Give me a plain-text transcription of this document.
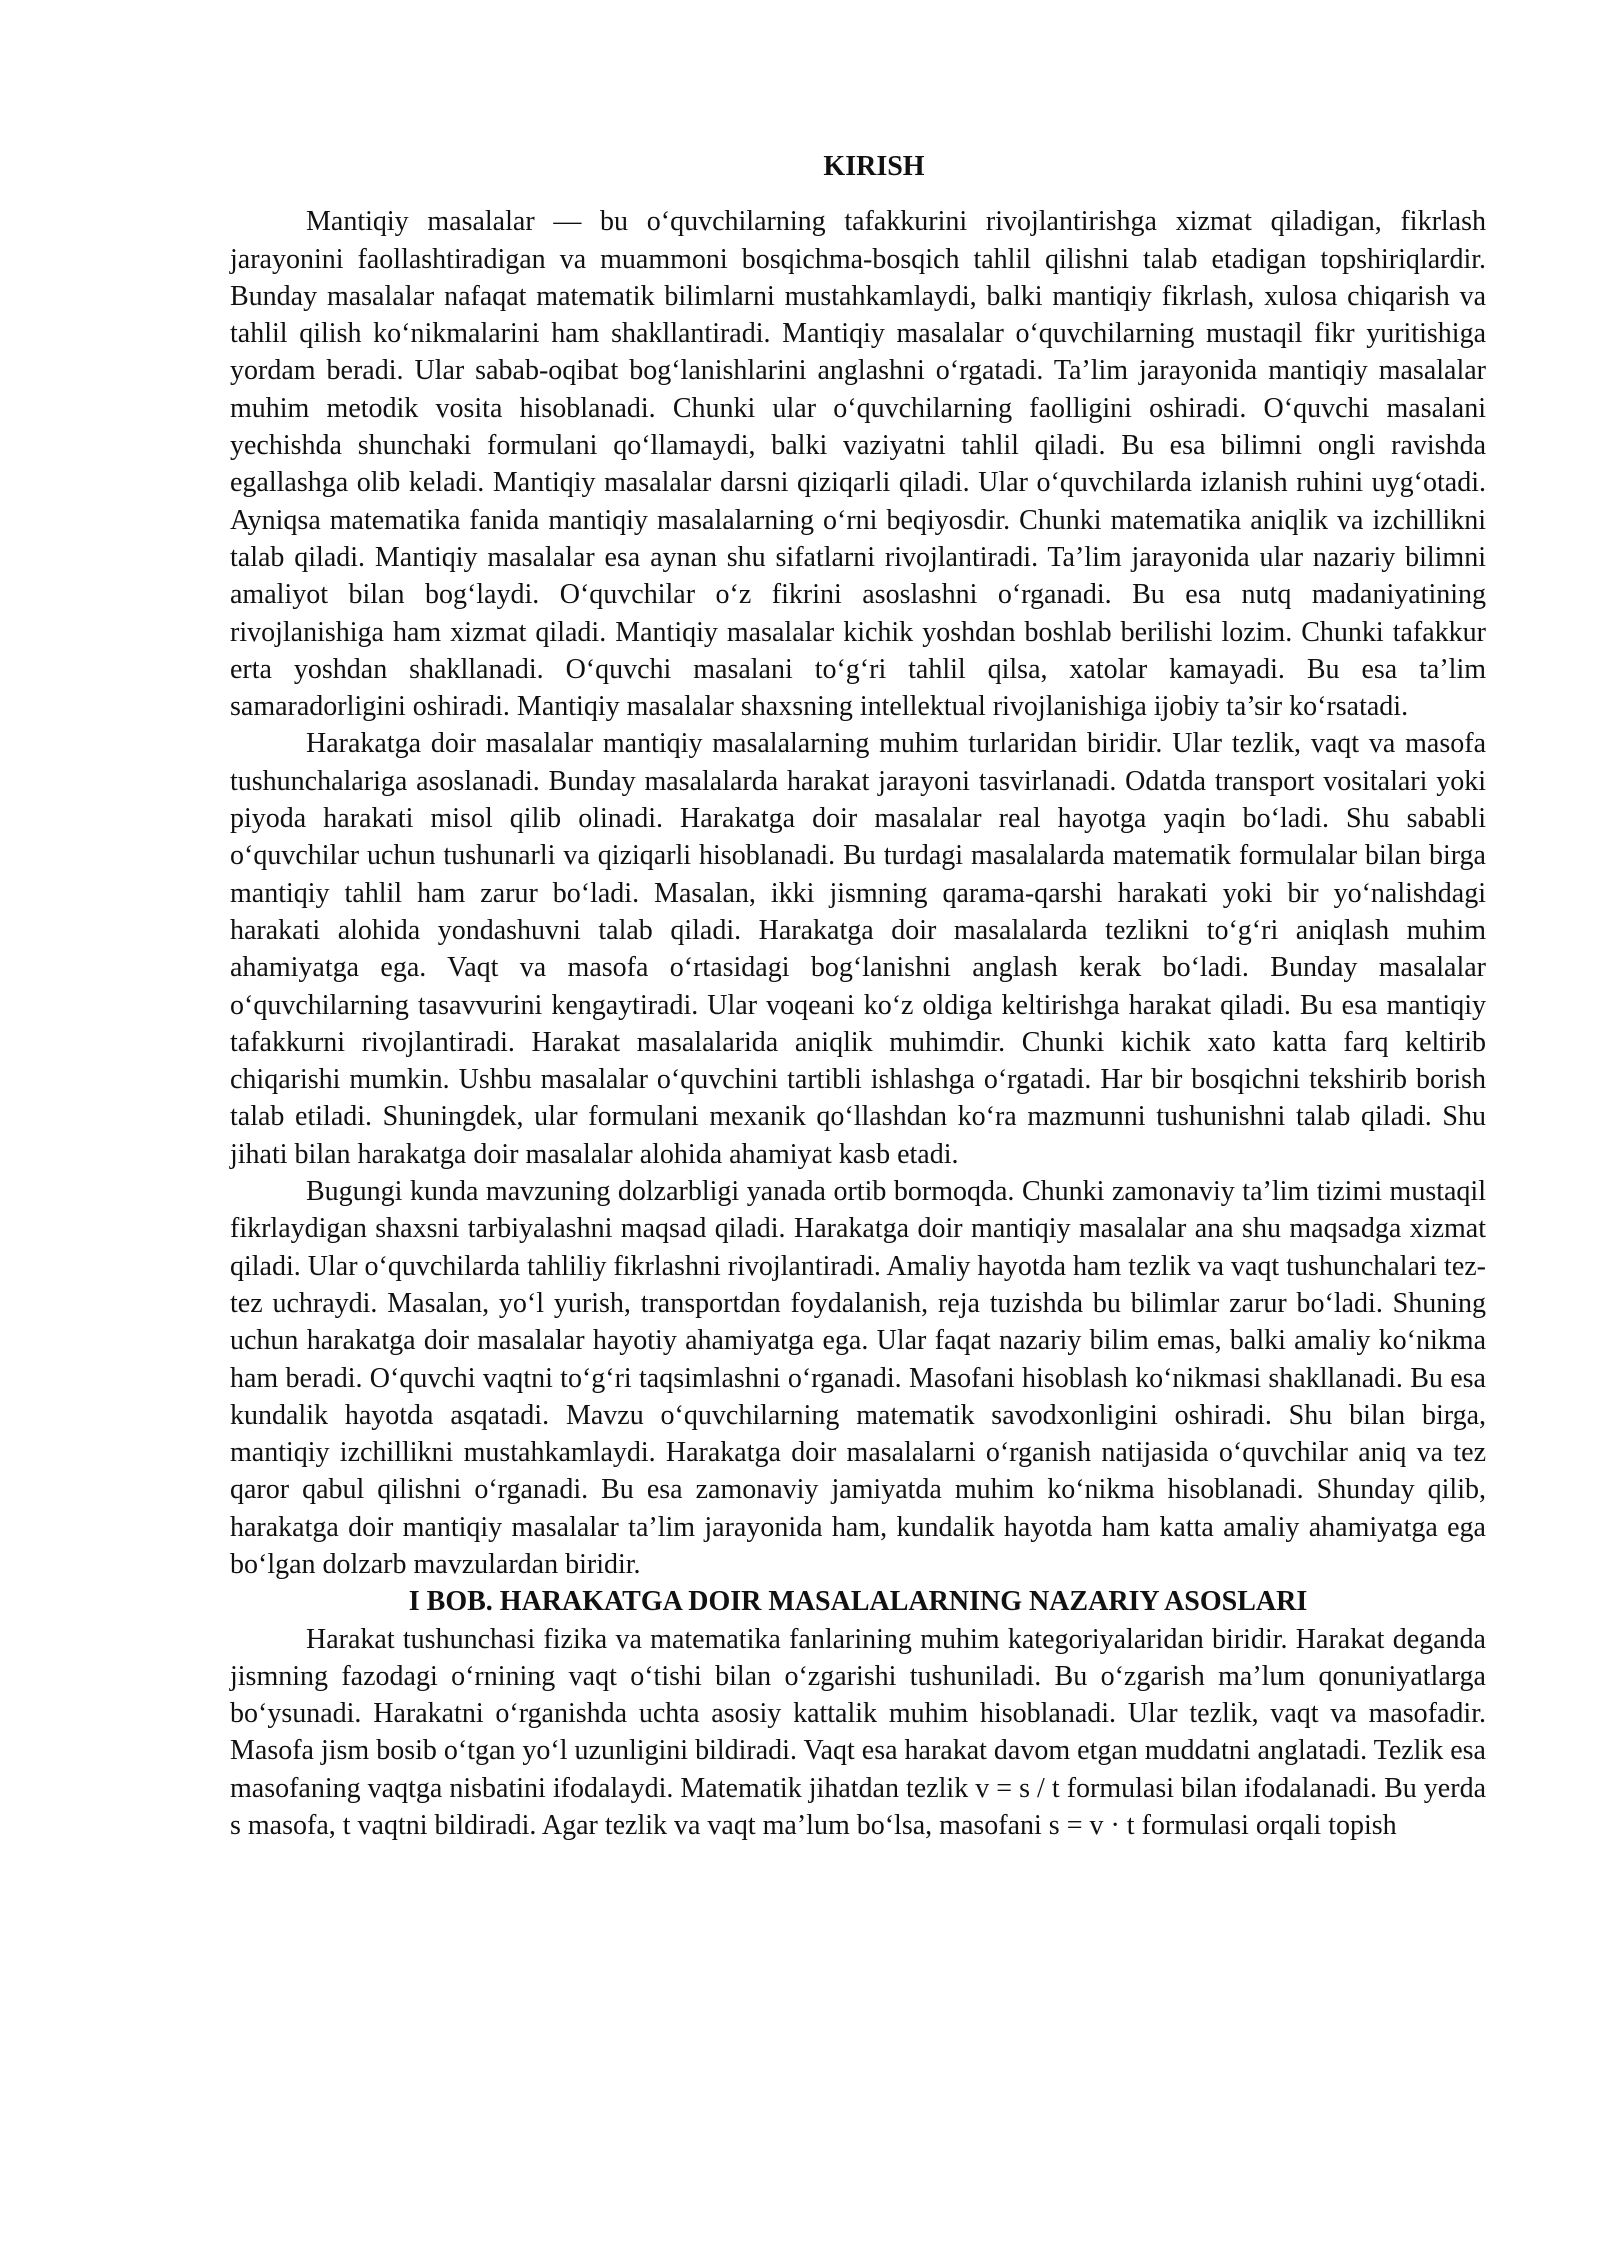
KIRISH

Mantiqiy masalalar — bu o‘quvchilarning tafakkurini rivojlantirishga xizmat qiladigan, fikrlash jarayonini faollashtiradigan va muammoni bosqichma-bosqich tahlil qilishni talab etadigan topshiriqlardir. Bunday masalalar nafaqat matematik bilimlarni mustahkamlaydi, balki mantiqiy fikrlash, xulosa chiqarish va tahlil qilish ko‘nikmalarini ham shakllantiradi. Mantiqiy masalalar o‘quvchilarning mustaqil fikr yuritishiga yordam beradi. Ular sabab-oqibat bog‘lanishlarini anglashni o‘rgatadi. Ta’lim jarayonida mantiqiy masalalar muhim metodik vosita hisoblanadi. Chunki ular o‘quvchilarning faolligini oshiradi. O‘quvchi masalani yechishda shunchaki formulani qo‘llamaydi, balki vaziyatni tahlil qiladi. Bu esa bilimni ongli ravishda egallashga olib keladi. Mantiqiy masalalar darsni qiziqarli qiladi. Ular o‘quvchilarda izlanish ruhini uyg‘otadi. Ayniqsa matematika fanida mantiqiy masalalarning o‘rni beqiyosdir. Chunki matematika aniqlik va izchillikni talab qiladi. Mantiqiy masalalar esa aynan shu sifatlarni rivojlantiradi. Ta’lim jarayonida ular nazariy bilimni amaliyot bilan bog‘laydi. O‘quvchilar o‘z fikrini asoslashni o‘rganadi. Bu esa nutq madaniyatining rivojlanishiga ham xizmat qiladi. Mantiqiy masalalar kichik yoshdan boshlab berilishi lozim. Chunki tafakkur erta yoshdan shakllanadi. O‘quvchi masalani to‘g‘ri tahlil qilsa, xatolar kamayadi. Bu esa ta’lim samaradorligini oshiradi. Mantiqiy masalalar shaxsning intellektual rivojlanishiga ijobiy ta’sir ko‘rsatadi.

Harakatga doir masalalar mantiqiy masalalarning muhim turlaridan biridir. Ular tezlik, vaqt va masofa tushunchalariga asoslanadi. Bunday masalalarda harakat jarayoni tasvirlanadi. Odatda transport vositalari yoki piyoda harakati misol qilib olinadi. Harakatga doir masalalar real hayotga yaqin bo‘ladi. Shu sababli o‘quvchilar uchun tushunarli va qiziqarli hisoblanadi. Bu turdagi masalalarda matematik formulalar bilan birga mantiqiy tahlil ham zarur bo‘ladi. Masalan, ikki jismning qarama-qarshi harakati yoki bir yo‘nalishdagi harakati alohida yondashuvni talab qiladi. Harakatga doir masalalarda tezlikni to‘g‘ri aniqlash muhim ahamiyatga ega. Vaqt va masofa o‘rtasidagi bog‘lanishni anglash kerak bo‘ladi. Bunday masalalar o‘quvchilarning tasavvurini kengaytiradi. Ular voqeani ko‘z oldiga keltirishga harakat qiladi. Bu esa mantiqiy tafakkurni rivojlantiradi. Harakat masalalarida aniqlik muhimdir. Chunki kichik xato katta farq keltirib chiqarishi mumkin. Ushbu masalalar o‘quvchini tartibli ishlashga o‘rgatadi. Har bir bosqichni tekshirib borish talab etiladi. Shuningdek, ular formulani mexanik qo‘llashdan ko‘ra mazmunni tushunishni talab qiladi. Shu jihati bilan harakatga doir masalalar alohida ahamiyat kasb etadi.

Bugungi kunda mavzuning dolzarbligi yanada ortib bormoqda. Chunki zamonaviy ta’lim tizimi mustaqil fikrlaydigan shaxsni tarbiyalashni maqsad qiladi. Harakatga doir mantiqiy masalalar ana shu maqsadga xizmat qiladi. Ular o‘quvchilarda tahliliy fikrlashni rivojlantiradi. Amaliy hayotda ham tezlik va vaqt tushunchalari tez-tez uchraydi. Masalan, yo‘l yurish, transportdan foydalanish, reja tuzishda bu bilimlar zarur bo‘ladi. Shuning uchun harakatga doir masalalar hayotiy ahamiyatga ega. Ular faqat nazariy bilim emas, balki amaliy ko‘nikma ham beradi. O‘quvchi vaqtni to‘g‘ri taqsimlashni o‘rganadi. Masofani hisoblash ko‘nikmasi shakllanadi. Bu esa kundalik hayotda asqatadi. Mavzu o‘quvchilarning matematik savodxonligini oshiradi. Shu bilan birga, mantiqiy izchillikni mustahkamlaydi. Harakatga doir masalalarni o‘rganish natijasida o‘quvchilar aniq va tez qaror qabul qilishni o‘rganadi. Bu esa zamonaviy jamiyatda muhim ko‘nikma hisoblanadi. Shunday qilib, harakatga doir mantiqiy masalalar ta’lim jarayonida ham, kundalik hayotda ham katta amaliy ahamiyatga ega bo‘lgan dolzarb mavzulardan biridir.

I BOB. HARAKATGA DOIR MASALALARNING NAZARIY ASOSLARI

Harakat tushunchasi fizika va matematika fanlarining muhim kategoriyalaridan biridir. Harakat deganda jismning fazodagi o‘rnining vaqt o‘tishi bilan o‘zgarishi tushuniladi. Bu o‘zgarish ma’lum qonuniyatlarga bo‘ysunadi. Harakatni o‘rganishda uchta asosiy kattalik muhim hisoblanadi. Ular tezlik, vaqt va masofadir. Masofa jism bosib o‘tgan yo‘l uzunligini bildiradi. Vaqt esa harakat davom etgan muddatni anglatadi. Tezlik esa masofaning vaqtga nisbatini ifodalaydi. Matematik jihatdan tezlik v = s / t formulasi bilan ifodalanadi. Bu yerda s masofa, t vaqtni bildiradi. Agar tezlik va vaqt ma’lum bo‘lsa, masofani s = v · t formulasi orqali topish
